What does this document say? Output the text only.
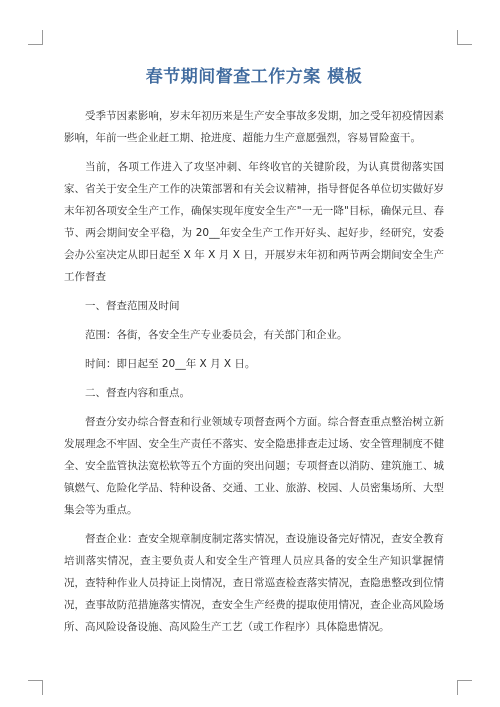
春节期间督查工作方案 模板

受季节因素影响，岁末年初历来是生产安全事故多发期，加之受年初疫情因素影响，年前一些企业赶工期、抢进度、超能力生产意愿强烈，容易冒险蛮干。

当前，各项工作进入了攻坚冲刺、年终收官的关键阶段，为认真贯彻落实国家、省关于安全生产工作的决策部署和有关会议精神，指导督促各单位切实做好岁末年初各项安全生产工作，确保实现年度安全生产"一无一降"目标，确保元旦、春节、两会期间安全平稳，为 20__年安全生产工作开好头、起好步，经研究，安委会办公室决定从即日起至 X 年 X 月 X 日，开展岁末年初和两节两会期间安全生产工作督查

一、督查范围及时间

范围：各街，各安全生产专业委员会，有关部门和企业。

时间：即日起至 20__年 X 月 X 日。

二、督查内容和重点。

督查分安办综合督查和行业领域专项督查两个方面。综合督查重点整治树立新发展理念不牢固、安全生产责任不落实、安全隐患排查走过场、安全管理制度不健全、安全监管执法宽松软等五个方面的突出问题；专项督查以消防、建筑施工、城镇燃气、危险化学品、特种设备、交通、工业、旅游、校园、人员密集场所、大型集会等为重点。

督查企业：查安全规章制度制定落实情况，查设施设备完好情况，查安全教育培训落实情况，查主要负责人和安全生产管理人员应具备的安全生产知识掌握情况，查特种作业人员持证上岗情况，查日常巡查检查落实情况，查隐患整改到位情况，查事故防范措施落实情况，查安全生产经费的提取使用情况，查企业高风险场所、高风险设备设施、高风险生产工艺（或工作程序）具体隐患情况。
